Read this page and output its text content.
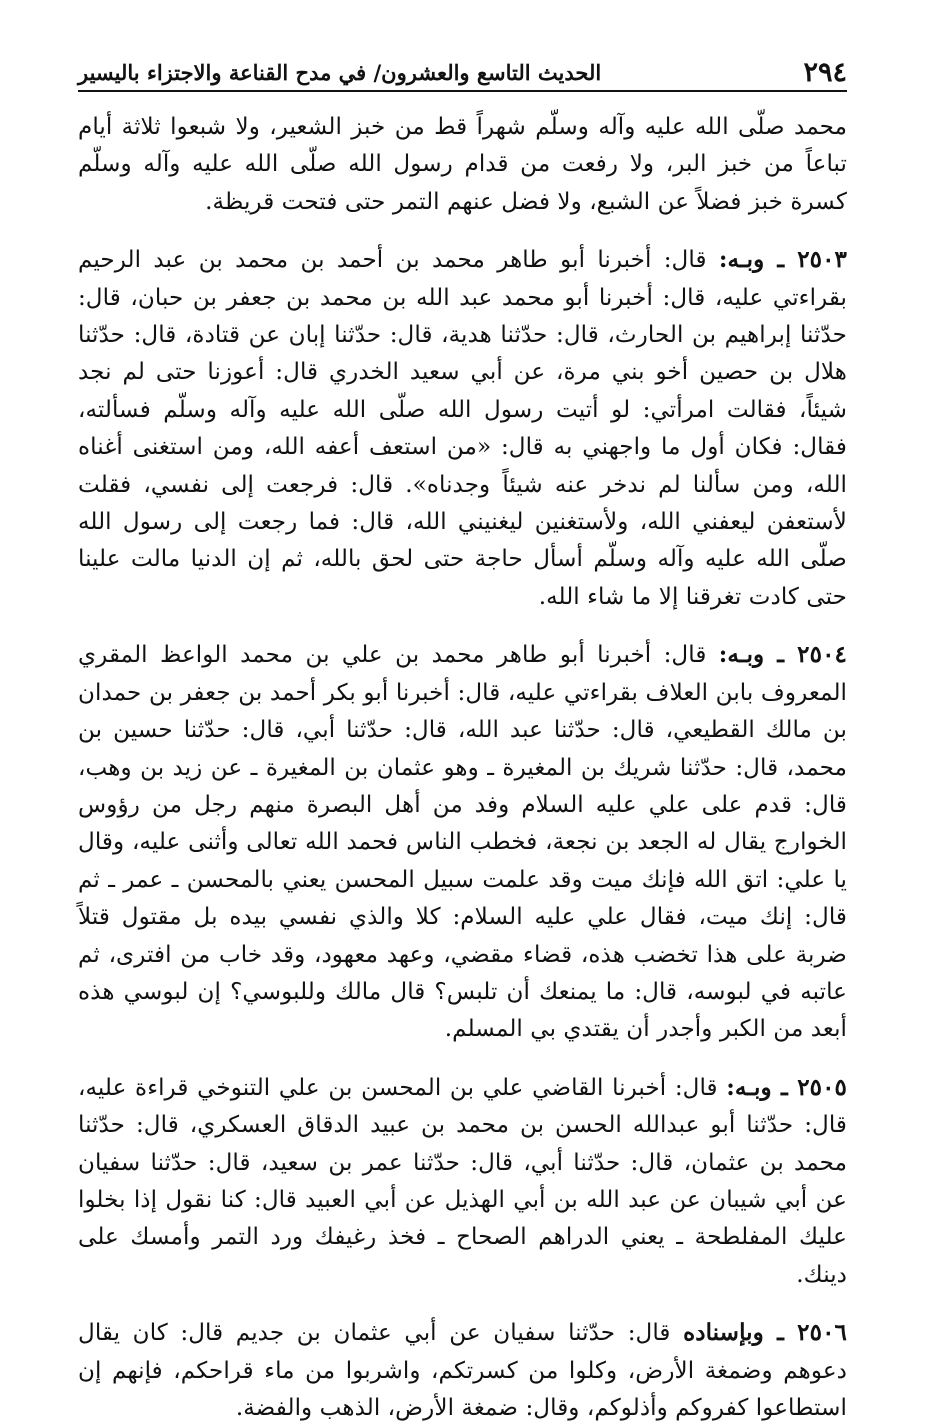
٢٩٤
الحديث التاسع والعشرون/ في مدح القناعة والاجتزاء باليسير

محمد صلّى الله عليه وآله وسلّم شهراً قط من خبز الشعير، ولا شبعوا ثلاثة أيام تباعاً من خبز البر، ولا رفعت من قدام رسول الله صلّى الله عليه وآله وسلّم كسرة خبز فضلاً عن الشبع، ولا فضل عنهم التمر حتى فتحت قريظة.

٢٥٠٣ ـ وبـه: قال: أخبرنا أبو طاهر محمد بن أحمد بن محمد بن عبد الرحيم بقراءتي عليه، قال: أخبرنا أبو محمد عبد الله بن محمد بن جعفر بن حبان، قال: حدّثنا إبراهيم بن الحارث، قال: حدّثنا هدية، قال: حدّثنا إبان عن قتادة، قال: حدّثنا هلال بن حصين أخو بني مرة، عن أبي سعيد الخدري قال: أعوزنا حتى لم نجد شيئاً، فقالت امرأتي: لو أتيت رسول الله صلّى الله عليه وآله وسلّم فسألته، فقال: فكان أول ما واجهني به قال: «من استعف أعفه الله، ومن استغنى أغناه الله، ومن سألنا لم ندخر عنه شيئاً وجدناه». قال: فرجعت إلى نفسي، فقلت لأستعفن ليعفني الله، ولأستغنين ليغنيني الله، قال: فما رجعت إلى رسول الله صلّى الله عليه وآله وسلّم أسأل حاجة حتى لحق بالله، ثم إن الدنيا مالت علينا حتى كادت تغرقنا إلا ما شاء الله.

٢٥٠٤ ـ وبـه: قال: أخبرنا أبو طاهر محمد بن علي بن محمد الواعظ المقري المعروف بابن العلاف بقراءتي عليه، قال: أخبرنا أبو بكر أحمد بن جعفر بن حمدان بن مالك القطيعي، قال: حدّثنا عبد الله، قال: حدّثنا أبي، قال: حدّثنا حسين بن محمد، قال: حدّثنا شريك بن المغيرة ـ وهو عثمان بن المغيرة ـ عن زيد بن وهب، قال: قدم على علي عليه السلام وفد من أهل البصرة منهم رجل من رؤوس الخوارج يقال له الجعد بن نجعة، فخطب الناس فحمد الله تعالى وأثنى عليه، وقال يا علي: اتق الله فإنك ميت وقد علمت سبيل المحسن يعني بالمحسن ـ عمر ـ ثم قال: إنك ميت، فقال علي عليه السلام: كلا والذي نفسي بيده بل مقتول قتلاً ضربة على هذا تخضب هذه، قضاء مقضي، وعهد معهود، وقد خاب من افترى، ثم عاتبه في لبوسه، قال: ما يمنعك أن تلبس؟ قال مالك وللبوسي؟ إن لبوسي هذه أبعد من الكبر وأجدر أن يقتدي بي المسلم.

٢٥٠٥ ـ وبـه: قال: أخبرنا القاضي علي بن المحسن بن علي التنوخي قراءة عليه، قال: حدّثنا أبو عبدالله الحسن بن محمد بن عبيد الدقاق العسكري، قال: حدّثنا محمد بن عثمان، قال: حدّثنا أبي، قال: حدّثنا عمر بن سعيد، قال: حدّثنا سفيان عن أبي شيبان عن عبد الله بن أبي الهذيل عن أبي العبيد قال: كنا نقول إذا بخلوا عليك المفلطحة ـ يعني الدراهم الصحاح ـ فخذ رغيفك ورد التمر وأمسك على دينك.

٢٥٠٦ ـ وبإسناده قال: حدّثنا سفيان عن أبي عثمان بن جديم قال: كان يقال دعوهم وضمغة الأرض، وكلوا من كسرتكم، واشربوا من ماء قراحكم، فإنهم إن استطاعوا كفروكم وأذلوكم، وقال: ضمغة الأرض، الذهب والفضة.
